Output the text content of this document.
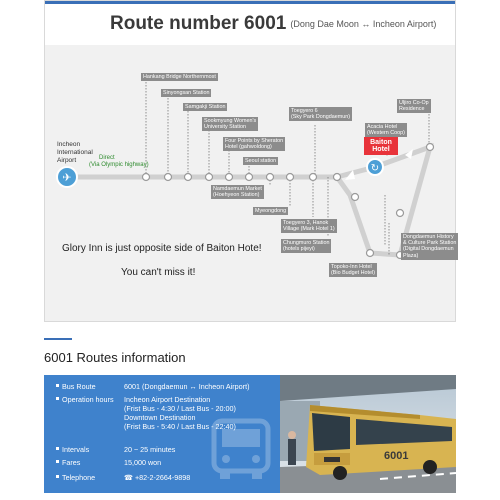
Route number 6001 (Dong Dae Moon ↔ Incheon Airport)
✈
↻
Incheon
International
Airport	Direct
(Via Olympic highway)
Baiton
Hotel
Hankang Bridge Northernmost
Sinyongsan Station
Samgakji Station
Sookmyung Women's
University Station
Four Points by Sheraton
Hotel (gahwoldong)
Seoul station
Namdaemun Market
(Hoehyeon Station)
Myeongdong
Toegyero 3, Hanok
Village (Mark Hotel 1)
Chungmuro Station
(hotels pijeyi)
Toegyero 6
(Sky Park Dongdaemun)
Acacia Hotel
(Western Coop)
Uljiro Co-Op
Residence
Dongdaemun History
& Culture Park Station
(Digital Dongdaemun
Plaza)
Topoko-Inn Hotel
(Bio Budget Hotel)
Glory Inn is just opposite side of Baiton Hote!
You can't miss it!
6001 Routes information
Bus Route	6001 (Dongdaemun ↔ Incheon Airport)
Operation hours Incheon Airport Destination
(Frist Bus - 4:30 / Last Bus - 20:00)
Downtown Destination
(Frist Bus - 5:40 / Last Bus - 22:40)
Intervals	20 ~ 25 minutes
Fares	15,000 won
Telephone	☎ +82-2-2664-9898
6001
